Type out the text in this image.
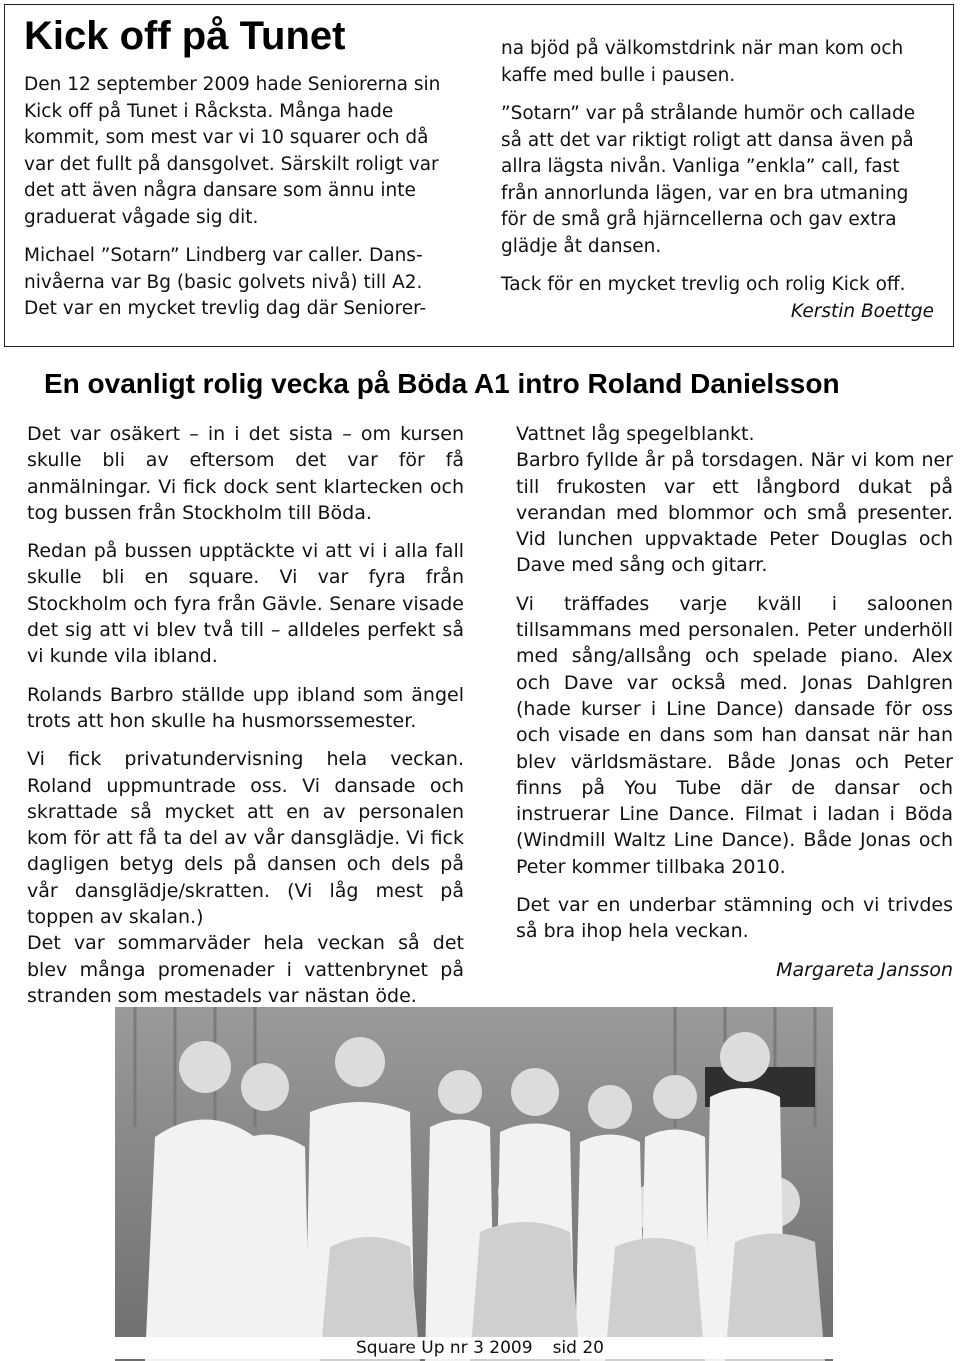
Kick off på Tunet

Den 12 september 2009 hade Seniorerna sin Kick off på Tunet i Råcksta. Många hade kommit, som mest var vi 10 squarer och då var det fullt på dansgolvet. Särskilt roligt var det att även några dansare som ännu inte graduerat vågade sig dit.

Michael ”Sotarn” Lindberg var caller. Dansnivåerna var Bg (basic golvets nivå) till A2. Det var en mycket trevlig dag där Seniorer-

na bjöd på välkomstdrink när man kom och kaffe med bulle i pausen.

”Sotarn” var på strålande humör och callade så att det var riktigt roligt att dansa även på allra lägsta nivån. Vanliga ”enkla” call, fast från annorlunda lägen, var en bra utmaning för de små grå hjärncellerna och gav extra glädje åt dansen.

Tack för en mycket trevlig och rolig Kick off.

Kerstin Boettge

En ovanligt rolig vecka på Böda A1 intro Roland Danielsson

Det var osäkert – in i det sista – om kursen skulle bli av eftersom det var för få anmälningar. Vi fick dock sent klartecken och tog bussen från Stockholm till Böda.

Redan på bussen upptäckte vi att vi i alla fall skulle bli en square. Vi var fyra från Stockholm och fyra från Gävle. Senare visade det sig att vi blev två till – alldeles perfekt så vi kunde vila ibland.

Rolands Barbro ställde upp ibland som ängel trots att hon skulle ha husmorssemester.

Vi fick privatundervisning hela veckan. Roland uppmuntrade oss. Vi dansade och skrattade så mycket att en av personalen kom för att få ta del av vår dansglädje. Vi fick dagligen betyg dels på dansen och dels på vår dansglädje/skratten. (Vi låg mest på toppen av skalan.)

Det var sommarväder hela veckan så det blev många promenader i vattenbrynet på stranden som mestadels var nästan öde.

Vattnet låg spegelblankt.

Barbro fyllde år på torsdagen. När vi kom ner till frukosten var ett långbord dukat på verandan med blommor och små presenter. Vid lunchen uppvaktade Peter Douglas och Dave med sång och gitarr.

Vi träffades varje kväll i saloonen tillsammans med personalen. Peter underhöll med sång/allsång och spelade piano. Alex och Dave var också med. Jonas Dahlgren (hade kurser i Line Dance) dansade för oss och visade en dans som han dansat när han blev världsmästare. Både Jonas och Peter finns på You Tube där de dansar och instruerar Line Dance. Filmat i ladan i Böda (Windmill Waltz Line Dance). Både Jonas och Peter kommer tillbaka 2010.

Det var en underbar stämning och vi trivdes så bra ihop hela veckan.

Margareta Jansson

Square Up nr 3 2009 sid 20
